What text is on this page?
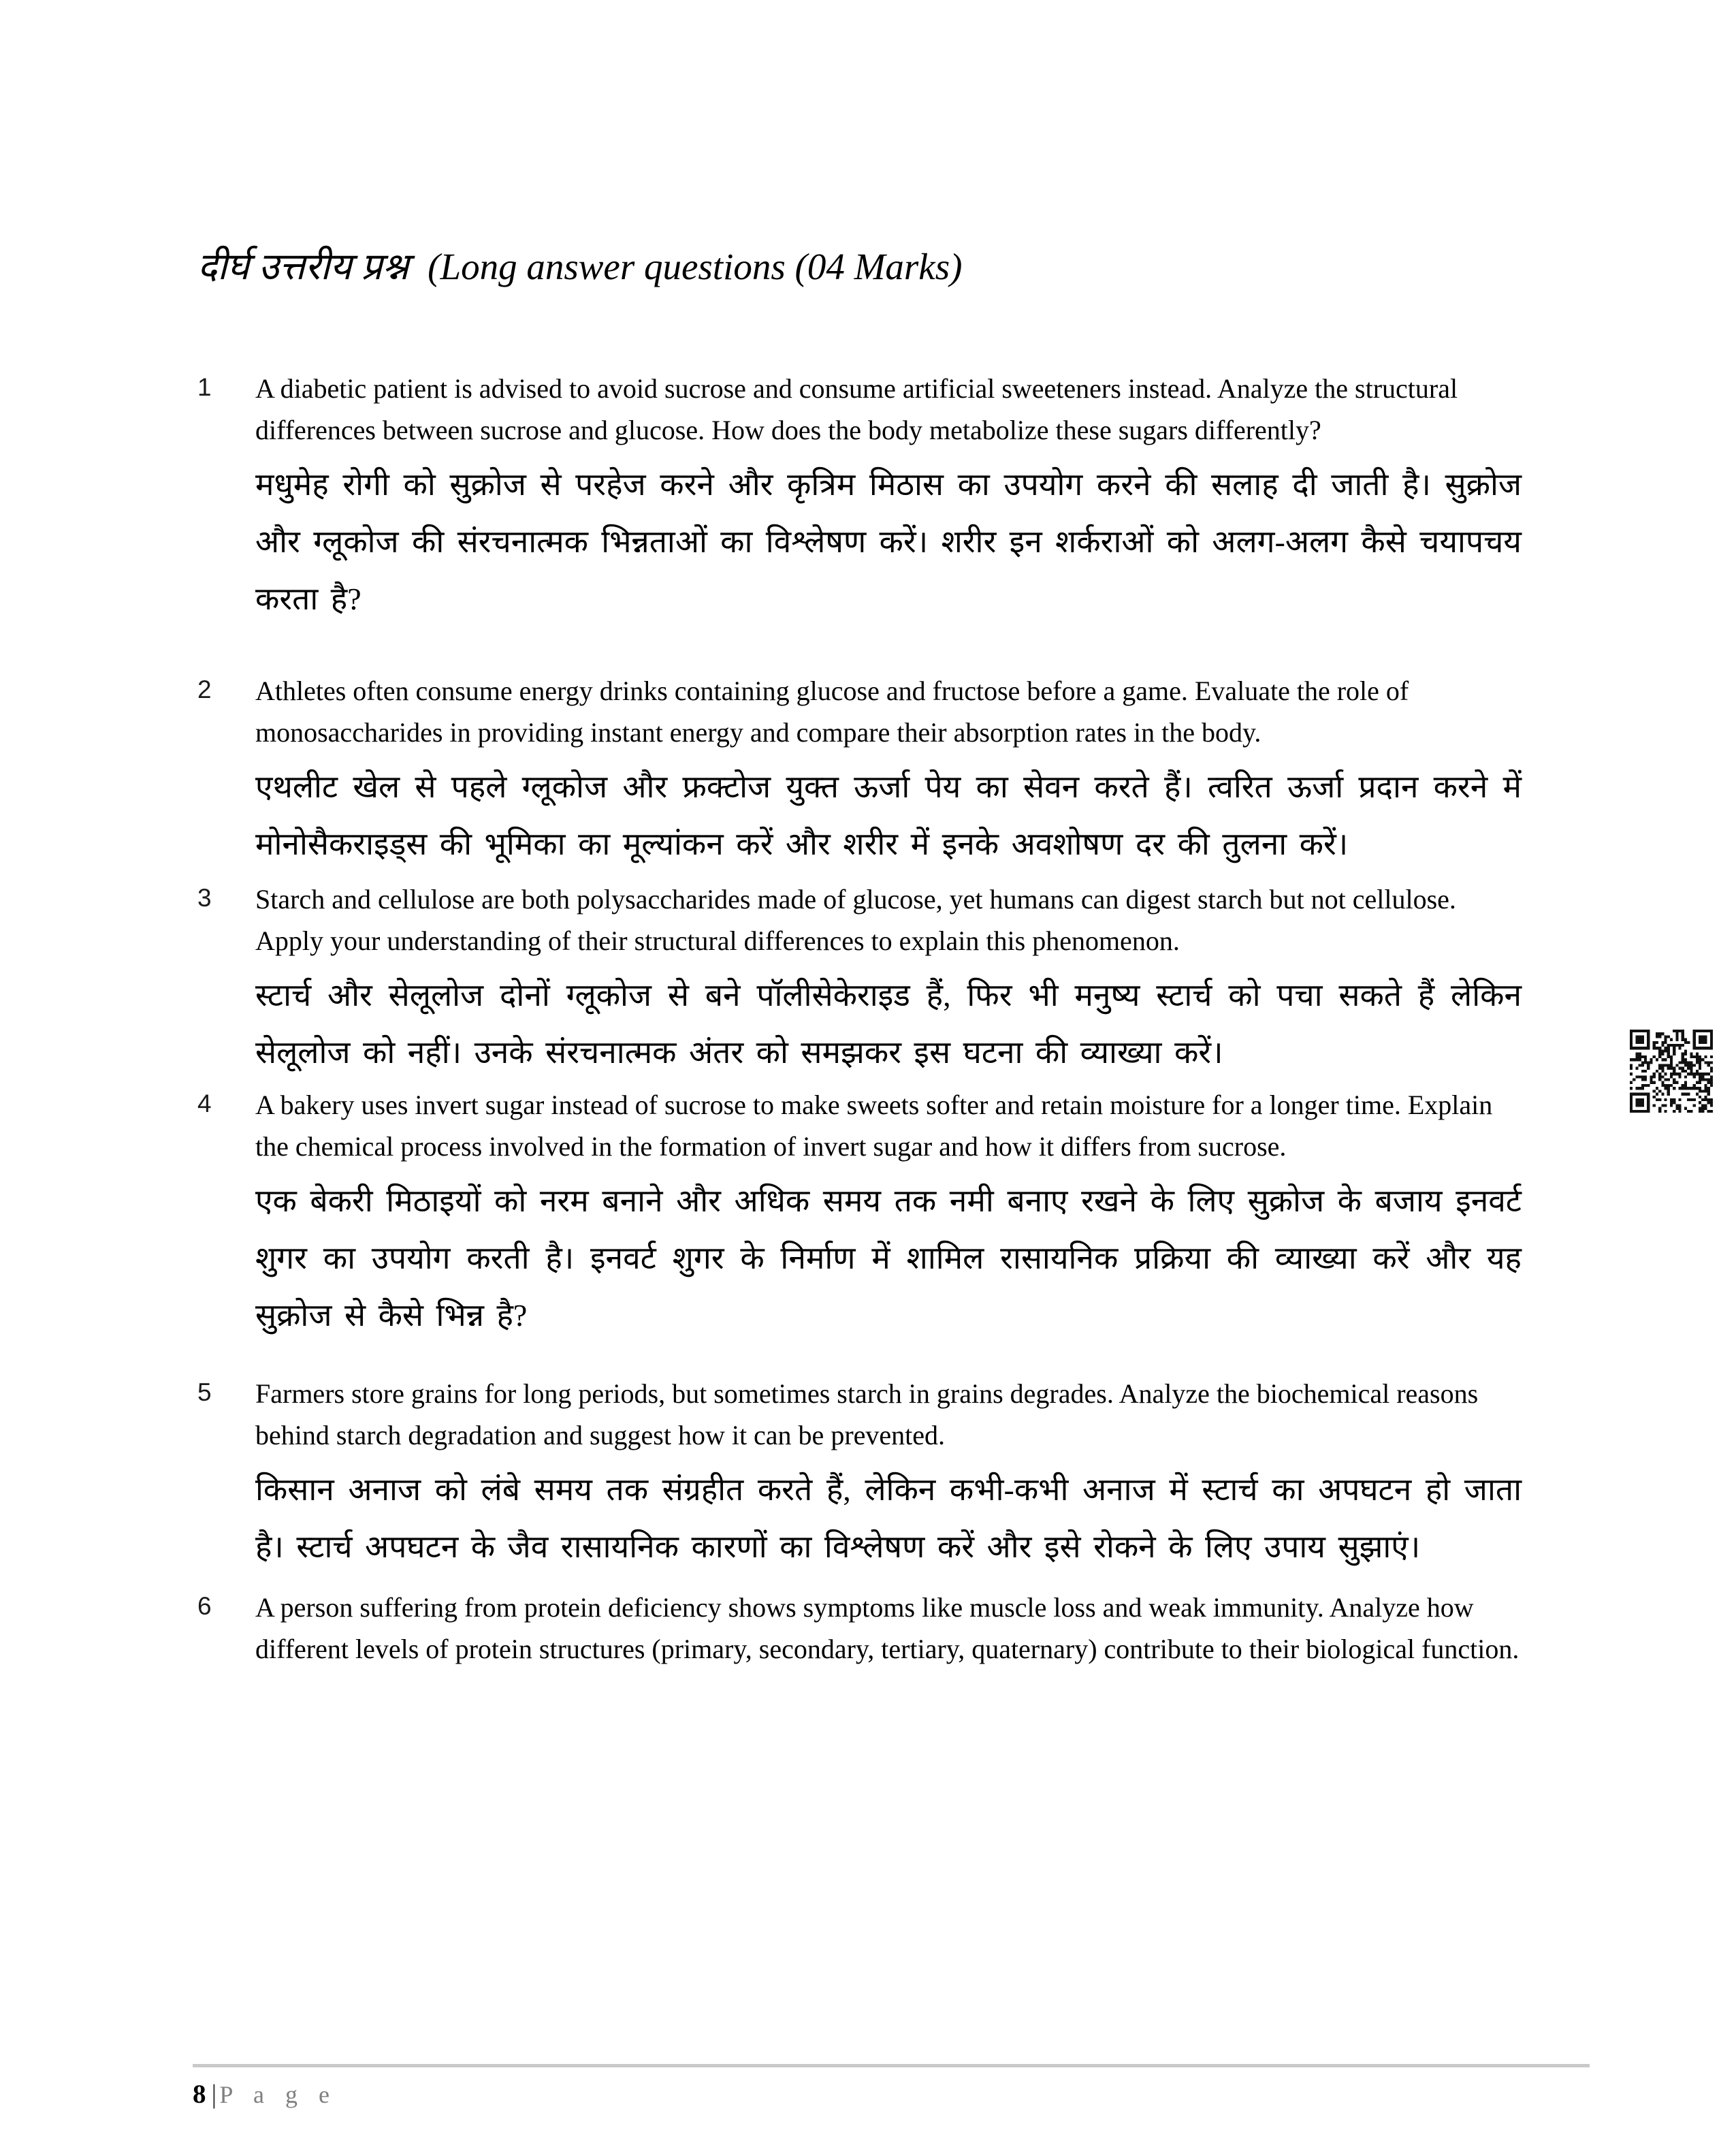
दीर्घ उत्तरीय प्रश्न (Long answer questions (04 Marks)
1	A diabetic patient is advised to avoid sucrose and consume artificial sweeteners instead. Analyze the structural differences between sucrose and glucose. How does the body metabolize these sugars differently?
मधुमेह रोगी को सुक्रोज से परहेज करने और कृत्रिम मिठास का उपयोग करने की सलाह दी जाती है। सुक्रोज और ग्लूकोज की संरचनात्मक भिन्नताओं का विश्लेषण करें। शरीर इन शर्कराओं को अलग-अलग कैसे चयापचय करता है?
2	Athletes often consume energy drinks containing glucose and fructose before a game. Evaluate the role of monosaccharides in providing instant energy and compare their absorption rates in the body.
एथलीट खेल से पहले ग्लूकोज और फ्रक्टोज युक्त ऊर्जा पेय का सेवन करते हैं। त्वरित ऊर्जा प्रदान करने में मोनोसैकराइड्स की भूमिका का मूल्यांकन करें और शरीर में इनके अवशोषण दर की तुलना करें।
3	Starch and cellulose are both polysaccharides made of glucose, yet humans can digest starch but not cellulose. Apply your understanding of their structural differences to explain this phenomenon.
स्टार्च और सेलूलोज दोनों ग्लूकोज से बने पॉलीसेकेराइड हैं, फिर भी मनुष्य स्टार्च को पचा सकते हैं लेकिन सेलूलोज को नहीं। उनके संरचनात्मक अंतर को समझकर इस घटना की व्याख्या करें।
4	A bakery uses invert sugar instead of sucrose to make sweets softer and retain moisture for a longer time. Explain the chemical process involved in the formation of invert sugar and how it differs from sucrose.
एक बेकरी मिठाइयों को नरम बनाने और अधिक समय तक नमी बनाए रखने के लिए सुक्रोज के बजाय इनवर्ट शुगर का उपयोग करती है। इनवर्ट शुगर के निर्माण में शामिल रासायनिक प्रक्रिया की व्याख्या करें और यह सुक्रोज से कैसे भिन्न है?
5	Farmers store grains for long periods, but sometimes starch in grains degrades. Analyze the biochemical reasons behind starch degradation and suggest how it can be prevented.
किसान अनाज को लंबे समय तक संग्रहीत करते हैं, लेकिन कभी-कभी अनाज में स्टार्च का अपघटन हो जाता है। स्टार्च अपघटन के जैव रासायनिक कारणों का विश्लेषण करें और इसे रोकने के लिए उपाय सुझाएं।
6	A person suffering from protein deficiency shows symptoms like muscle loss and weak immunity. Analyze how different levels of protein structures (primary, secondary, tertiary, quaternary) contribute to their biological function.
8 | P a g e
